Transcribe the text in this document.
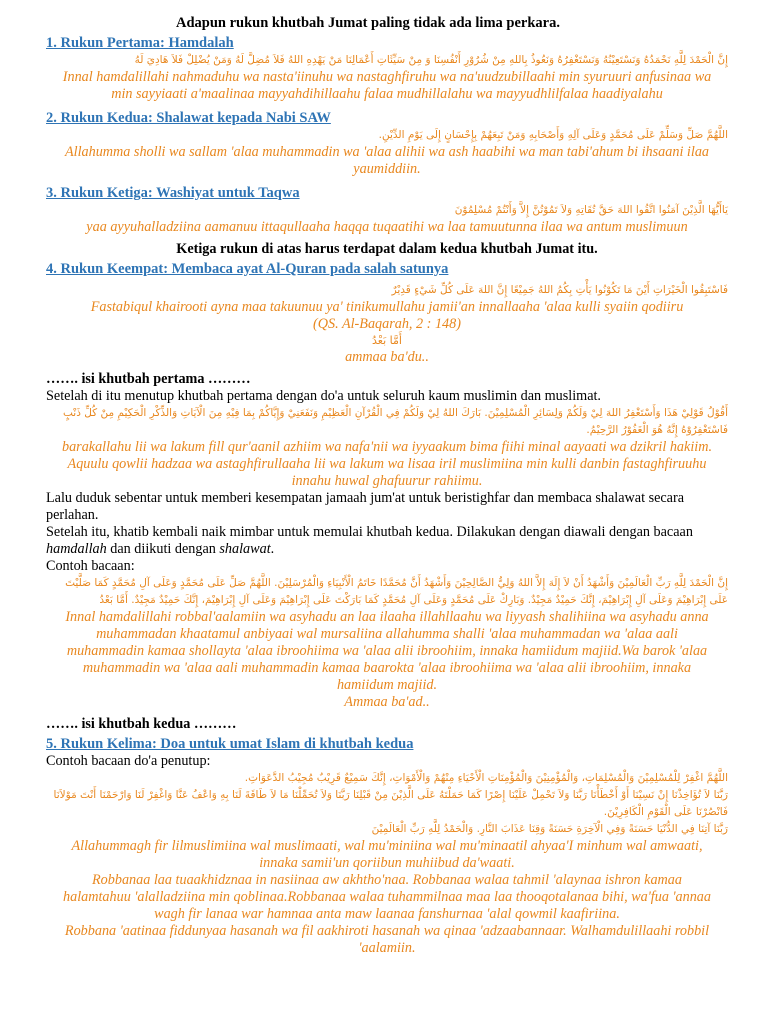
Adapun rukun khutbah Jumat paling tidak ada lima perkara.
1. Rukun Pertama: Hamdalah
إِنَّ الْحَمْدَ لِلَّهِ نَحْمَدُهُ وَنَسْتَعِيْنُهُ وَنَسْتَغْفِرُهُ وَنَعُوذُ بِاللهِ مِنْ شُرُوْرِ أَنْفُسِنَا وَ مِنْ سَيِّئَاتِ أَعْمَالِنَا مَنْ يَهْدِهِ اللهُ فَلاَ مُضِلَّ لَهُ وَمَنْ يُضْلِلْ فَلاَ هَادِيَ لَهُ
Innal hamdalillahi nahmaduhu wa nasta'iinuhu wa nastaghfiruhu wa na'uudzubillaahi min syuruuri anfusinaa wa min sayyiaati a'maalinaa mayyahdihillaahu falaa mudhillalahu wa mayyudhlilfalaa haadiyalahu
2. Rukun Kedua: Shalawat kepada Nabi SAW
اللَّهُمَّ صَلِّ وَسَلِّمْ عَلَى مُحَمَّدٍ وَعَلَى آلِهِ وَأَصْحَابِهِ وَمَنْ تَبِعَهُمْ بِإِحْسَانٍ إِلَى يَوْمِ الدِّيْنِ.
Allahumma sholli wa sallam 'alaa muhammadin wa 'alaa alihii wa ash haabihi wa man tabi'ahum bi ihsaani ilaa yaumiddiin.
3. Rukun Ketiga: Washiyat untuk Taqwa
يَاأَيُّهَا الَّذِيْنَ آمَنُوا اتَّقُوا اللهَ حَقَّ تُقَاتِهِ وَلاَ تَمُوْتُنَّ إِلاَّ وَأَنْتُمْ مُسْلِمُوْنَ
yaa ayyuhalladziina aamanuu ittaqullaaha haqqa tuqaatihi wa laa tamuutunna ilaa wa antum muslimuun
Ketiga rukun di atas harus terdapat dalam kedua khutbah Jumat itu.
4. Rukun Keempat: Membaca ayat Al-Quran pada salah satunya
فَاسْتَبِقُوا الْخَيْرَاتِ أَيْنَ مَا تَكُوْنُوا يَأْتِ بِكُمُ اللهُ جَمِيْعًا إِنَّ اللهَ عَلَى كُلِّ شَيْءٍ قَدِيْرٌ
Fastabiqul khairooti ayna maa takuunuu ya' tinikumullahu jamii'an innallaaha 'alaa kulli syaiin qodiiru
(QS. Al-Baqarah, 2 : 148)
أَمَّا بَعْدُ
ammaa ba'du..
……. isi khutbah pertama ………
Setelah di itu menutup khutbah pertama dengan do'a untuk seluruh kaum muslimin dan muslimat.
أَقُوْلُ قَوْلِيْ هَذَا وَأَسْتَغْفِرُ اللهَ لِيْ وَلَكُمْ وَلِسَائِرِ الْمُسْلِمِيْنَ. بَارَكَ اللهُ لِيْ وَلَكُمْ فِي الْقُرْآنِ الْعَظِيْمِ وَنَفَعَنِيْ وَإِيَّاكُمْ بِمَا فِيْهِ مِنَ الْآيَاتِ وَالذِّكْرِ الْحَكِيْمِ مِنْ كُلِّ ذَنْبٍ فَاسْتَغْفِرُوْهُ إِنَّهُ هُوَ الْغَفُوْرُ الرَّحِيْمُ.
barakallahu lii wa lakum fill qur'aanil azhiim wa nafa'nii wa iyyaakum bima fiihi minal aayaati wa dzikril hakiim. Aquulu qowlii hadzaa wa astaghfirullaaha lii wa lakum wa lisaa iril muslimiina min kulli danbin fastaghfiruuhu innahu huwal ghafuurur rahiimu.
Lalu duduk sebentar untuk memberi kesempatan jamaah jum'at untuk beristighfar dan membaca shalawat secara perlahan.
Setelah itu, khatib kembali naik mimbar untuk memulai khutbah kedua. Dilakukan dengan diawali dengan bacaan hamdallah dan diikuti dengan shalawat.
Contoh bacaan:
إِنَّ الْحَمْدَ لِلَّهِ رَبِّ الْعَالَمِيْنَ وَأَشْهَدُ أَنْ لاَ إِلَهَ إِلاَّ اللهُ وَلِيُّ الصَّالِحِيْنَ وَأَشْهَدُ أَنَّ مُحَمَّدًا خَاتَمُ الْأَنْبِيَاءِ وَالْمُرْسَلِيْنَ. اللَّهُمَّ صَلِّ عَلَى مُحَمَّدٍ وَعَلَى آلِ مُحَمَّدٍ كَمَا صَلَّيْتَ عَلَى إِبْرَاهِيْمَ وَعَلَى آلِ إِبْرَاهِيْمَ، إِنَّكَ حَمِيْدٌ مَجِيْدٌ. وَبَارِكْ عَلَى مُحَمَّدٍ وَعَلَى آلِ مُحَمَّدٍ كَمَا بَارَكْتَ عَلَى إِبْرَاهِيْمَ وَعَلَى آلِ إِبْرَاهِيْمَ، إِنَّكَ حَمِيْدٌ مَجِيْدٌ. أَمَّا بَعْدُ
Innal hamdalillahi robbal'aalamiin wa asyhadu an laa ilaaha illahllaahu wa liyyash shalihiina wa asyhadu anna muhammadan khaatamul anbiyaai wal mursaliina allahumma shalli 'alaa muhammadan wa 'alaa aali muhammadin kamaa shollayta 'alaa ibroohiima wa 'alaa alii ibroohiim, innaka hamiidum majiid.Wa barok 'alaa muhammadin wa 'alaa aali muhammadin kamaa baarokta 'alaa ibroohiima wa 'alaa alii ibroohiim, innaka hamiidum majiid.
Ammaa ba'ad..
……. isi khutbah kedua ………
5. Rukun Kelima: Doa untuk umat Islam di khutbah kedua
Contoh bacaan do'a penutup:
اللَّهُمَّ اغْفِرْ لِلْمُسْلِمِيْنَ وَالْمُسْلِمَاتِ، وَالْمُؤْمِنِيْنَ وَالْمُؤْمِنَاتِ الْأَحْيَاءِ مِنْهُمْ وَالْأَمْوَاتِ، إِنَّكَ سَمِيْعٌ قَرِيْبٌ مُجِيْبُ الدَّعَوَاتِ.
رَبَّنَا لاَ تُؤَاخِذْنَا إِنْ نَسِيْنَا أَوْ أَخْطَأْنَا رَبَّنَا وَلاَ تَحْمِلْ عَلَيْنَا إِصْرًا كَمَا حَمَلْتَهُ عَلَى الَّذِيْنَ مِنْ قَبْلِنَا رَبَّنَا وَلاَ تُحَمِّلْنَا مَا لاَ طَاقَةَ لَنَا بِهِ وَاعْفُ عَنَّا وَاغْفِرْ لَنَا وَارْحَمْنَا أَنْتَ مَوْلاَنَا فَانْصُرْنَا عَلَى الْقَوْمِ الْكَافِرِيْنَ.
رَبَّنَا آتِنَا فِي الدُّنْيَا حَسَنَةً وَفِي الْآخِرَةِ حَسَنَةً وَقِنَا عَذَابَ النَّارِ. وَالْحَمْدُ لِلَّهِ رَبِّ الْعَالَمِيْنَ
Allahummagh fir lilmuslimiina wal muslimaati, wal mu'miniina wal mu'minaatil ahyaa'I minhum wal amwaati, innaka samii'un qoriibun muhiibud da'waati.
Robbanaa laa tuaakhidznaa in nasiinaa aw akhtho'naa. Robbanaa walaa tahmil 'alaynaa ishron kamaa halamtahuu 'alalladziina min qoblinaa.Robbanaa walaa tuhammilnaa maa laa thooqotalanaa bihi, wa'fua 'annaa wagh fir lanaa war hamnaa anta maw laanaa fanshurnaa 'alal qowmil kaafiriina.
Robbana 'aatinaa fiddunyaa hasanah wa fil aakhiroti hasanah wa qinaa 'adzaabannaar. Walhamdulillaahi robbil 'aalamiin.
